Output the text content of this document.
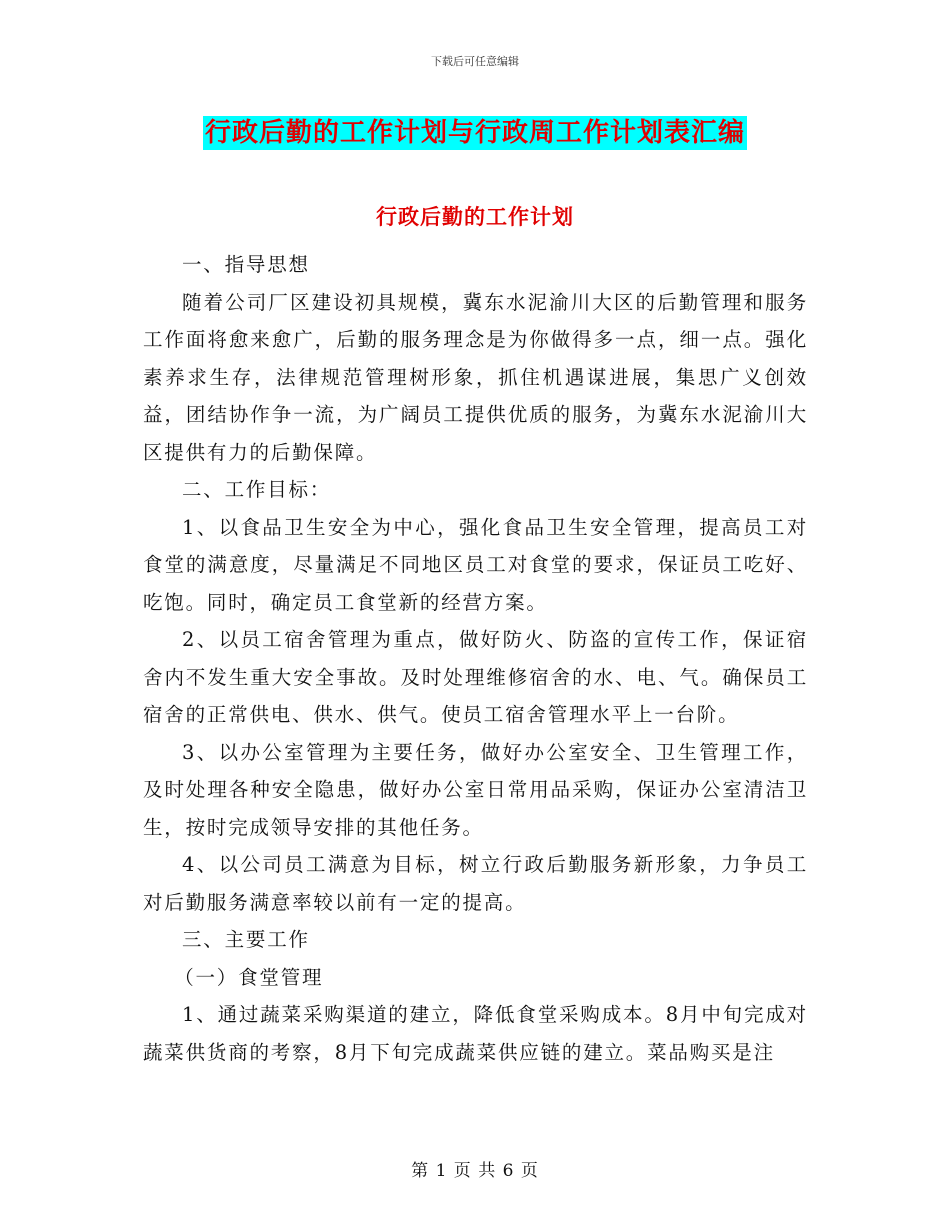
下载后可任意编辑
行政后勤的工作计划与行政周工作计划表汇编
行政后勤的工作计划

一、指导思想

随着公司厂区建设初具规模，冀东水泥渝川大区的后勤管理和服务工作面将愈来愈广，后勤的服务理念是为你做得多一点，细一点。强化素养求生存，法律规范管理树形象，抓住机遇谋进展，集思广义创效益，团结协作争一流，为广阔员工提供优质的服务，为冀东水泥渝川大区提供有力的后勤保障。

二、工作目标：

1、以食品卫生安全为中心，强化食品卫生安全管理，提高员工对食堂的满意度，尽量满足不同地区员工对食堂的要求，保证员工吃好、吃饱。同时，确定员工食堂新的经营方案。

2、以员工宿舍管理为重点，做好防火、防盗的宣传工作，保证宿舍内不发生重大安全事故。及时处理维修宿舍的水、电、气。确保员工宿舍的正常供电、供水、供气。使员工宿舍管理水平上一台阶。

3、以办公室管理为主要任务，做好办公室安全、卫生管理工作，及时处理各种安全隐患，做好办公室日常用品采购，保证办公室清洁卫生，按时完成领导安排的其他任务。

4、以公司员工满意为目标，树立行政后勤服务新形象，力争员工对后勤服务满意率较以前有一定的提高。

三、主要工作

（一）食堂管理

1、通过蔬菜采购渠道的建立，降低食堂采购成本。8月中旬完成对蔬菜供货商的考察，8月下旬完成蔬菜供应链的建立。菜品购买是注

第 1 页 共 6 页
